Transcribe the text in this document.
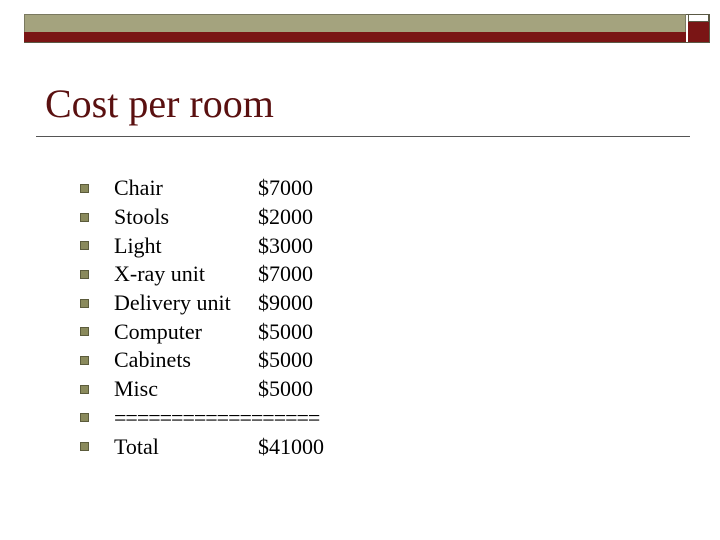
Cost per room
Chair	$7000
Stools	$2000
Light	$3000
X-ray unit	$7000
Delivery unit	$9000
Computer	$5000
Cabinets	$5000
Misc	$5000
==================
Total	$41000
